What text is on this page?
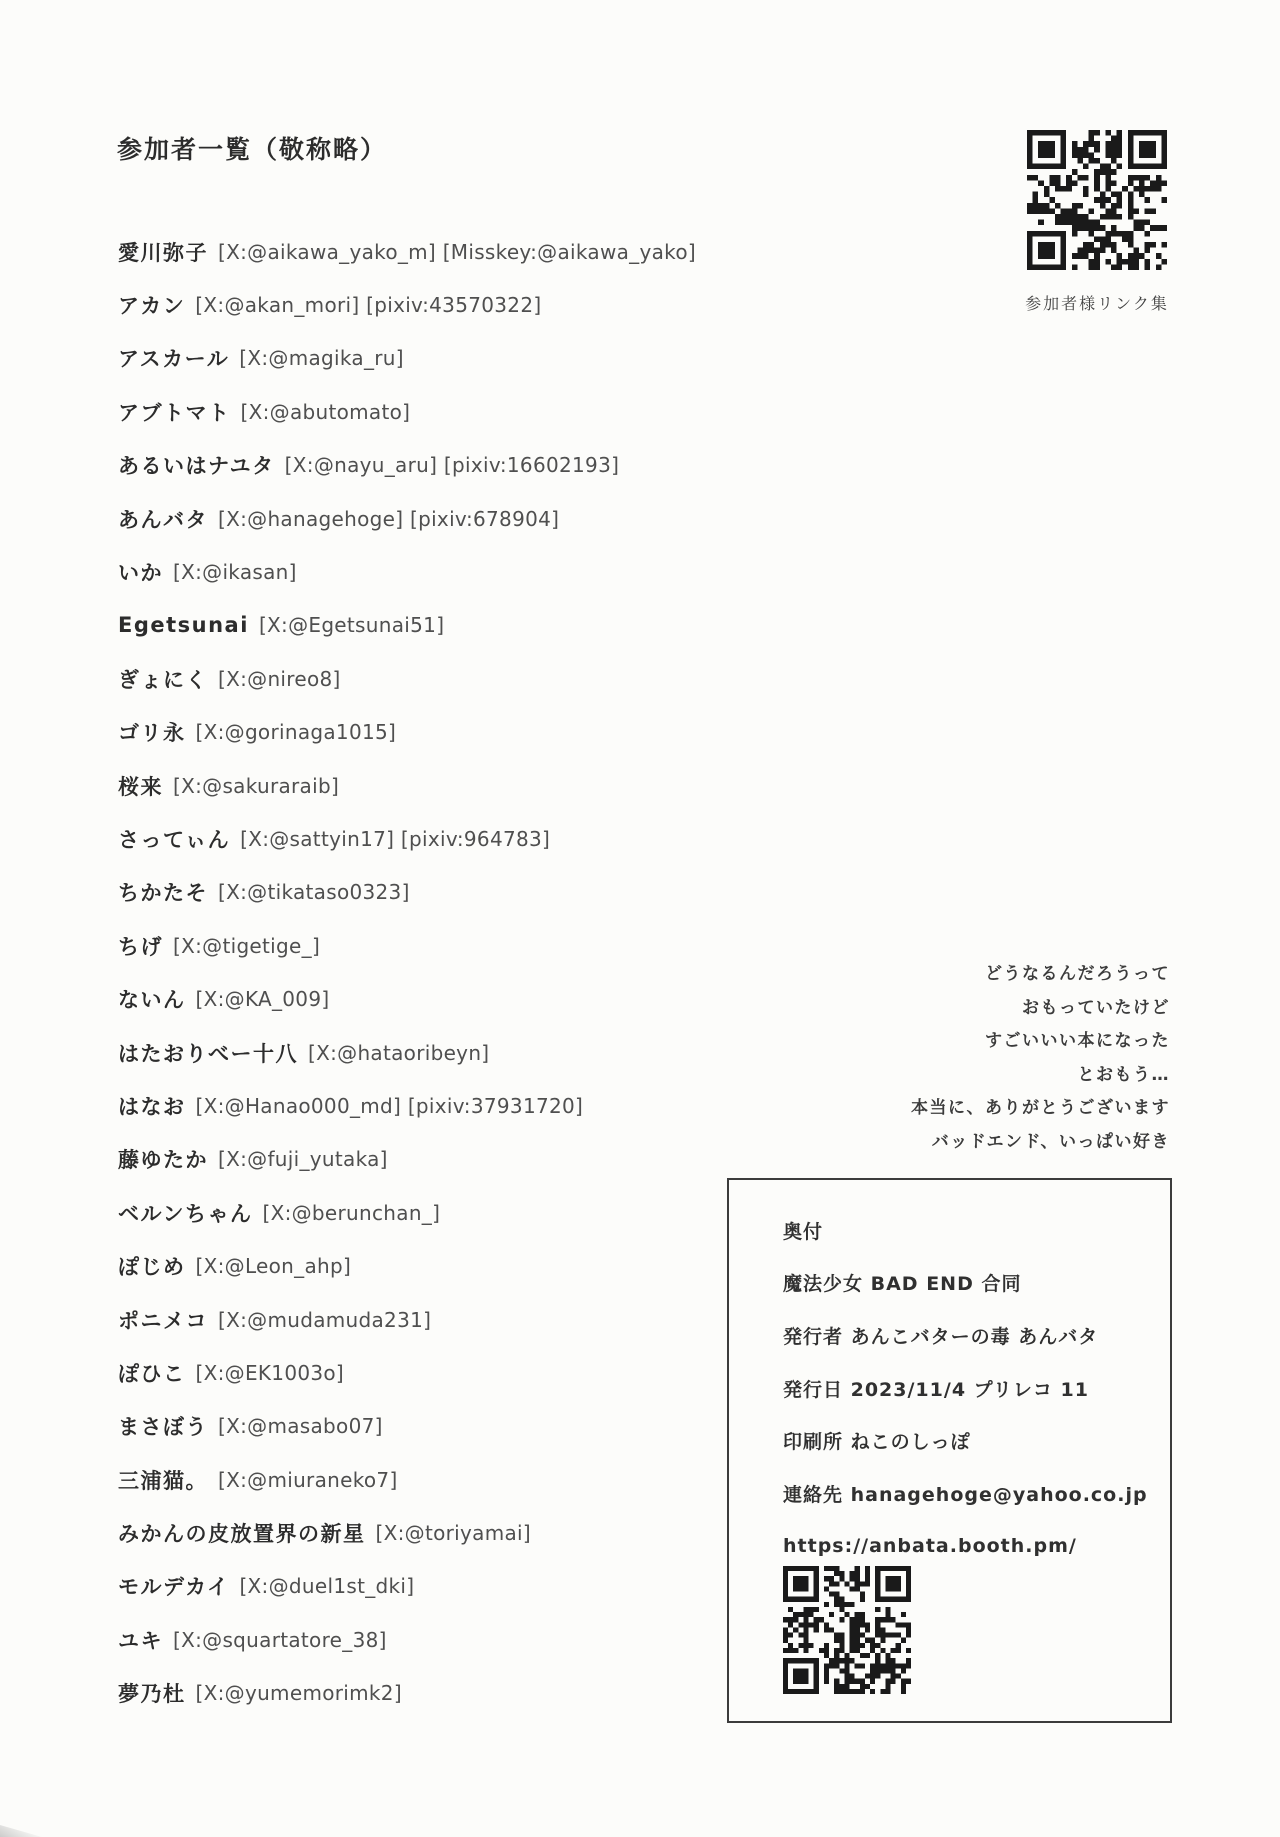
参加者一覧（敬称略）
愛川弥子 [X:@aikawa_yako_m] [Misskey:@aikawa_yako]
アカン [X:@akan_mori] [pixiv:43570322]
アスカール [X:@magika_ru]
アブトマト [X:@abutomato]
あるいはナユタ [X:@nayu_aru] [pixiv:16602193]
あんバタ [X:@hanagehoge] [pixiv:678904]
いか [X:@ikasan]
Egetsunai [X:@Egetsunai51]
ぎょにく [X:@nireo8]
ゴリ永 [X:@gorinaga1015]
桜来 [X:@sakuraraib]
さってぃん [X:@sattyin17] [pixiv:964783]
ちかたそ [X:@tikataso0323]
ちげ [X:@tigetige_]
ないん [X:@KA_009]
はたおりべー十八 [X:@hataoribeyn]
はなお [X:@Hanao000_md] [pixiv:37931720]
藤ゆたか [X:@fuji_yutaka]
ベルンちゃん [X:@berunchan_]
ぽじめ [X:@Leon_ahp]
ポニメコ [X:@mudamuda231]
ぽひこ [X:@EK1003o]
まさぼう [X:@masabo07]
三浦猫。 [X:@miuraneko7]
みかんの皮放置界の新星 [X:@toriyamai]
モルデカイ [X:@duel1st_dki]
ユキ [X:@squartatore_38]
夢乃杜 [X:@yumemorimk2]
参加者様リンク集
どうなるんだろうって
おもっていたけど
すごいいい本になった
とおもう…
本当に、ありがとうございます
バッドエンド、いっぱい好き
奥付
魔法少女 BAD END 合同
発行者 あんこバターの毒 あんバタ
発行日 2023/11/4 プリレコ 11
印刷所 ねこのしっぽ
連絡先 hanagehoge@yahoo.co.jp
https://anbata.booth.pm/
